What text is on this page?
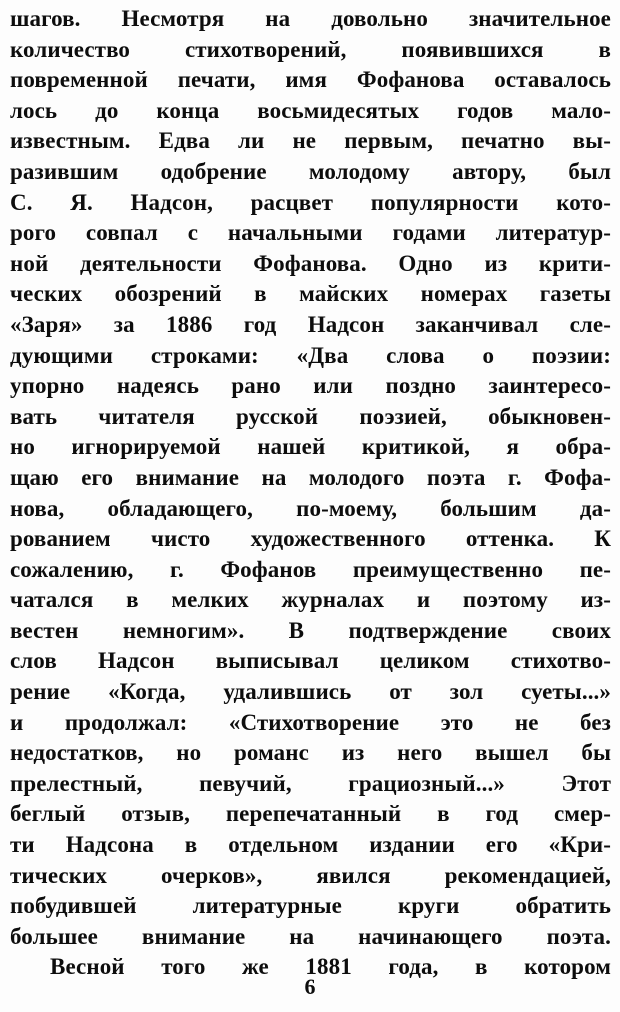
шагов. Несмотря на довольно значительное
количество стихотворений, появившихся в
повременной печати, имя Фофанова оставалось
лось до конца восьмидесятых годов мало-
известным. Едва ли не первым, печатно вы-
разившим одобрение молодому автору, был
С. Я. Надсон, расцвет популярности кото-
рого совпал с начальными годами литератур-
ной деятельности Фофанова. Одно из крити-
ческих обозрений в майских номерах газеты
«Заря» за 1886 год Надсон заканчивал сле-
дующими строками: «Два слова о поэзии:
упорно надеясь рано или поздно заинтересо-
вать читателя русской поэзией, обыкновен-
но игнорируемой нашей критикой, я обра-
щаю его внимание на молодого поэта г. Фофа-
нова, обладающего, по-моему, большим да-
рованием чисто художественного оттенка. К
сожалению, г. Фофанов преимущественно пе-
чатался в мелких журналах и поэтому из-
вестен немногим». В подтверждение своих
слов Надсон выписывал целиком стихотво-
рение «Когда, удалившись от зол суеты...»
и продолжал: «Стихотворение это не без
недостатков, но романс из него вышел бы
прелестный, певучий, грациозный...» Этот
беглый отзыв, перепечатанный в год смер-
ти Надсона в отдельном издании его «Кри-
тических очерков», явился рекомендацией,
побудившей литературные круги обратить
большее внимание на начинающего поэта.
Весной того же 1881 года, в котором
6
